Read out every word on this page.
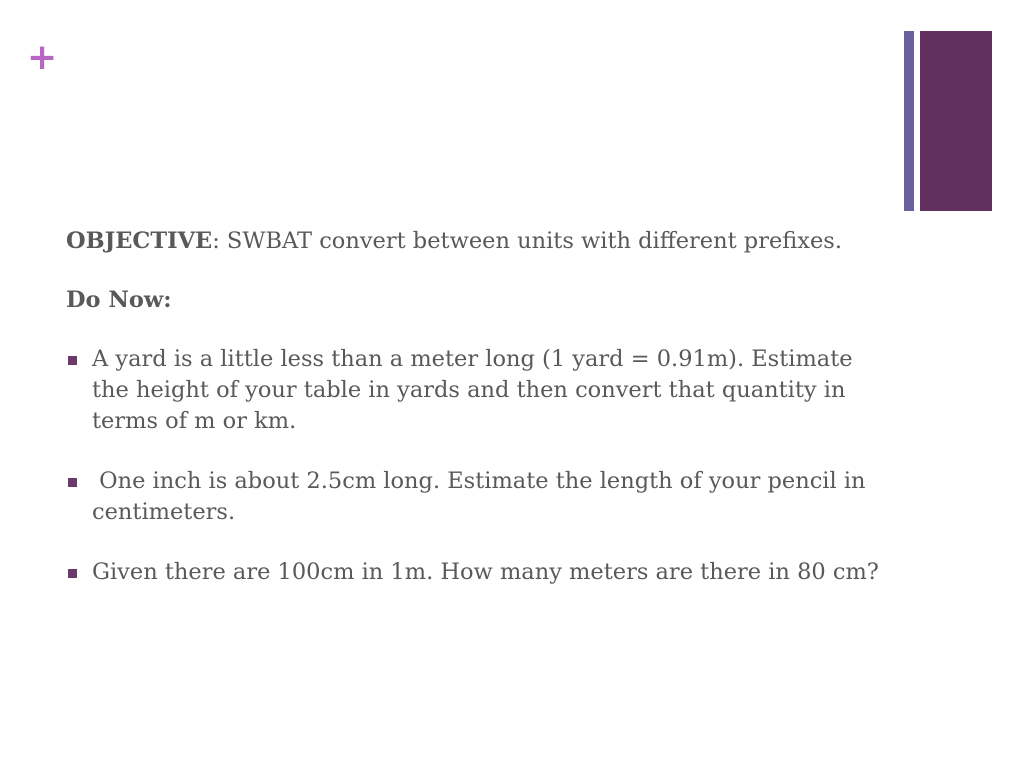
+

OBJECTIVE: SWBAT convert between units with different prefixes.

Do Now:

A yard is a little less than a meter long (1 yard = 0.91m). Estimate the height of your table in yards and then convert that quantity in terms of m or km.
One inch is about 2.5cm long. Estimate the length of your pencil in centimeters.
Given there are 100cm in 1m. How many meters are there in 80 cm?
